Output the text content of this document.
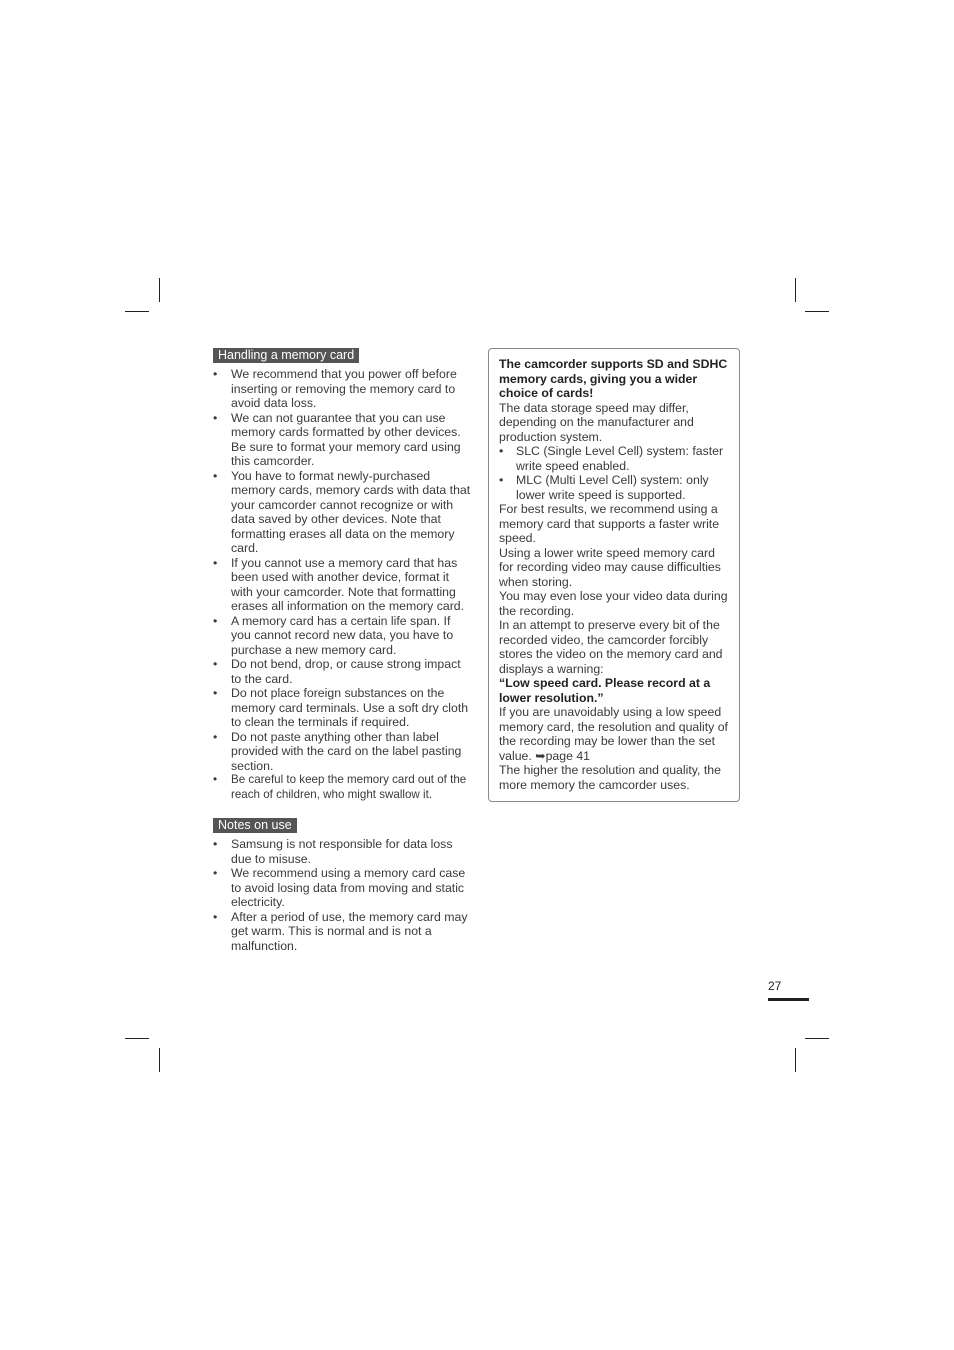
Handling a memory card
• We recommend that you power off before inserting or removing the memory card to avoid data loss.
• We can not guarantee that you can use memory cards formatted by other devices. Be sure to format your memory card using this camcorder.
• You have to format newly-purchased memory cards, memory cards with data that your camcorder cannot recognize or with data saved by other devices. Note that formatting erases all data on the memory card.
• If you cannot use a memory card that has been used with another device, format it with your camcorder. Note that formatting erases all information on the memory card.
• A memory card has a certain life span. If you cannot record new data, you have to purchase a new memory card.
• Do not bend, drop, or cause strong impact to the card.
• Do not place foreign substances on the memory card terminals. Use a soft dry cloth to clean the terminals if required.
• Do not paste anything other than label provided with the card on the label pasting section.
• Be careful to keep the memory card out of the reach of children, who might swallow it.
Notes on use
• Samsung is not responsible for data loss due to misuse.
• We recommend using a memory card case to avoid losing data from moving and static electricity.
• After a period of use, the memory card may get warm. This is normal and is not a malfunction.

The camcorder supports SD and SDHC memory cards, giving you a wider choice of cards!

The data storage speed may differ, depending on the manufacturer and production system.

• SLC (Single Level Cell) system: faster write speed enabled.
• MLC (Multi Level Cell) system: only lower write speed is supported.

For best results, we recommend using a memory card that supports a faster write speed.

Using a lower write speed memory card for recording video may cause difficulties when storing.

You may even lose your video data during the recording.

In an attempt to preserve every bit of the recorded video, the camcorder forcibly stores the video on the memory card and displays a warning:

“Low speed card. Please record at a lower resolution.”

If you are unavoidably using a low speed memory card, the resolution and quality of the recording may be lower than the set value. ➥page 41

The higher the resolution and quality, the more memory the camcorder uses.

27
